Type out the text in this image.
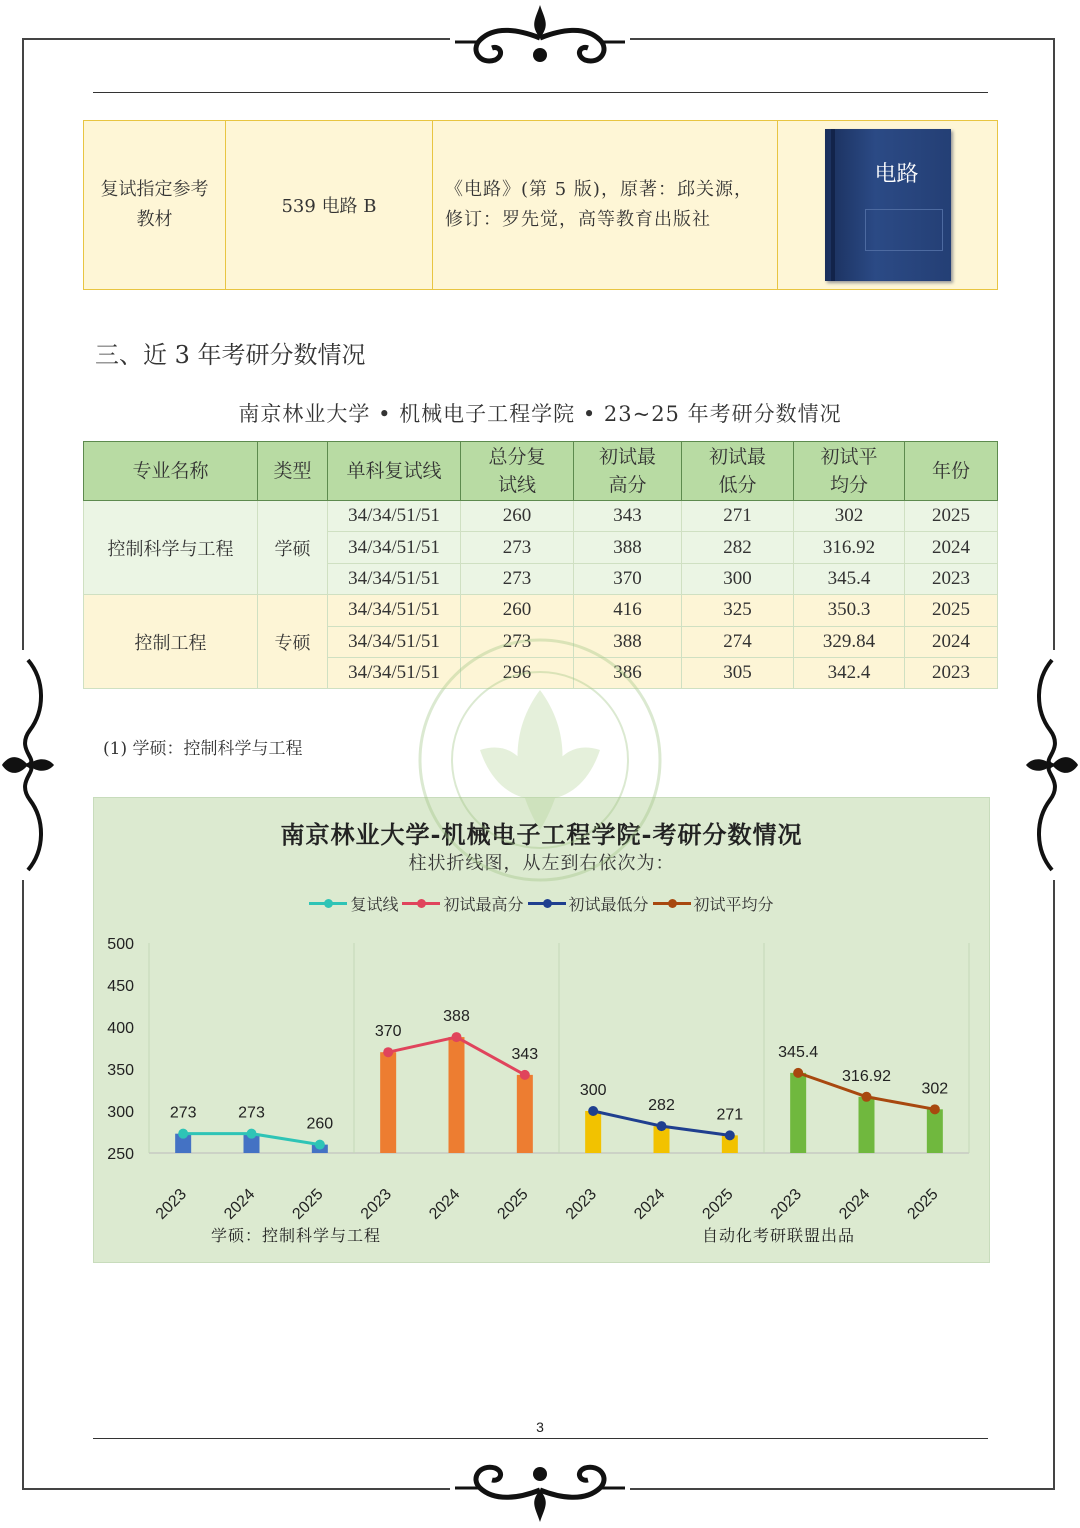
复试指定参考教材	539 电路 B	《电路》(第 5 版)，原著：邱关源，修订：罗先觉，高等教育出版社	
电路
三、近 3 年考研分数情况
南京林业大学 • 机械电子工程学院 • 23~25 年考研分数情况
专业名称	类型	单科复试线	总分复试线	初试最高分	初试最低分	初试平均分	年份
控制科学与工程	学硕	34/34/51/51	260	343	271	302	2025
		34/34/51/51	273	388	282	316.92	2024
		34/34/51/51	273	370	300	345.4	2023
控制工程	专硕	34/34/51/51	260	416	325	350.3	2025
		34/34/51/51	273	388	274	329.84	2024
		34/34/51/51	296	386	305	342.4	2023
(1) 学硕：控制科学与工程
南京林业大学-机械电子工程学院-考研分数情况
柱状折线图，从左到右依次为：
复试线	初试最高分	初试最低分	初试平均分
250
300
350
400
450
500
273
2023
273
2024
260
2025
370
2023
388
2024
343
2025
300
2023
282
2024
271
2025
345.4
2023
316.92
2024
302
2025
学硕：控制科学与工程	自动化考研联盟出品
3
